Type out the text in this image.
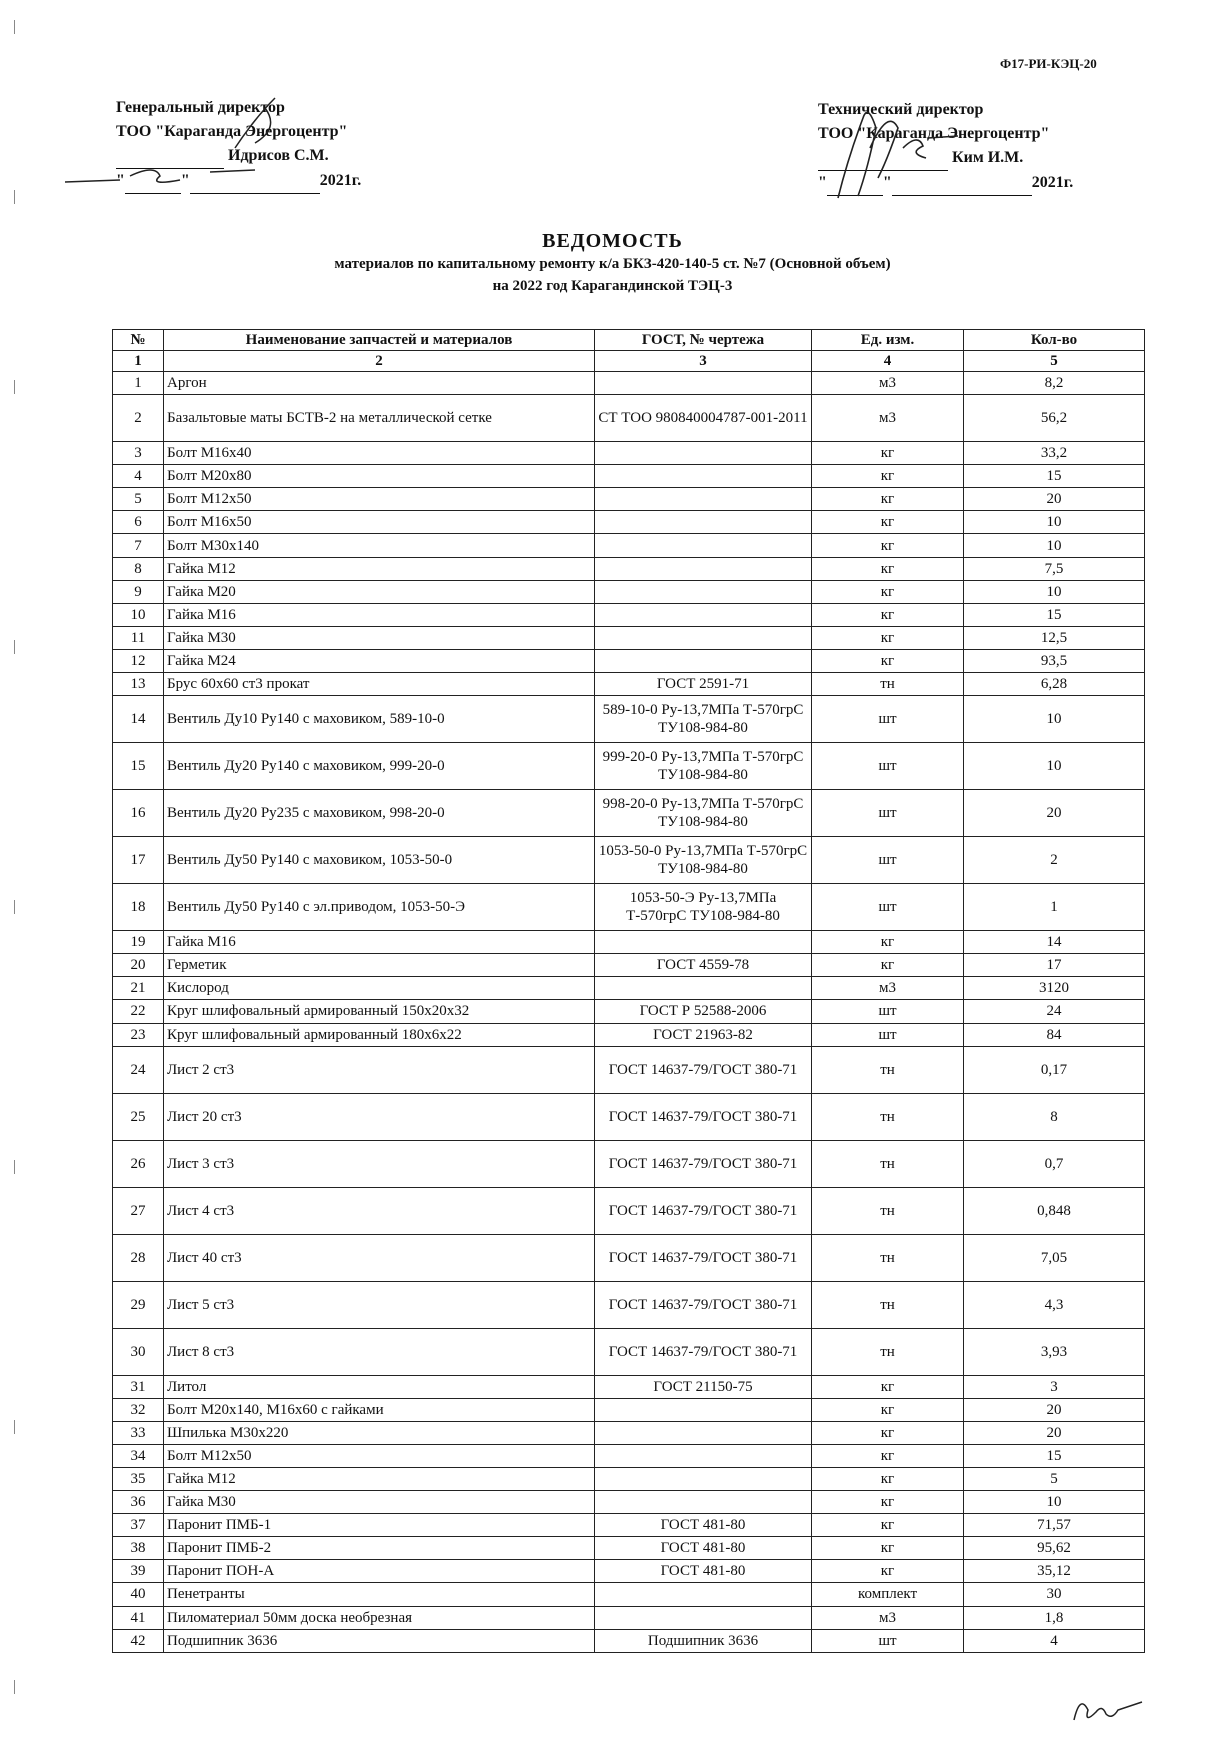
Ф17-РИ-КЭЦ-20
Генеральный директор
ТОО "Караганда Энергоцентр"
Идрисов С.М.
"	"	2021г.
Технический директор
ТОО "Караганда Энергоцентр"
Ким И.М.
"	"	2021г.
ВЕДОМОСТЬ
материалов по капитальному ремонту к/а БКЗ-420-140-5 ст. №7 (Основной объем)
на 2022 год Карагандинской ТЭЦ-3
№	Наименование запчастей и материалов	ГОСТ, № чертежа	Ед. изм.	Кол-во
1	2	3	4	5
1	Аргон		м3	8,2
2	Базальтовые маты БСТВ-2 на металлической сетке	СТ ТОО 980840004787-001-2011	м3	56,2
3	Болт М16х40		кг	33,2
4	Болт М20х80		кг	15
5	Болт М12х50		кг	20
6	Болт М16х50		кг	10
7	Болт М30х140		кг	10
8	Гайка М12		кг	7,5
9	Гайка М20		кг	10
10	Гайка М16		кг	15
11	Гайка М30		кг	12,5
12	Гайка М24		кг	93,5
13	Брус 60х60 ст3 прокат	ГОСТ 2591-71	тн	6,28
14	Вентиль Ду10 Ру140 с маховиком, 589-10-0	589-10-0 Ру-13,7МПа Т-570грС ТУ108-984-80	шт	10
15	Вентиль Ду20 Ру140 с маховиком, 999-20-0	999-20-0 Ру-13,7МПа Т-570грС ТУ108-984-80	шт	10
16	Вентиль Ду20 Ру235 с маховиком, 998-20-0	998-20-0 Ру-13,7МПа Т-570грС ТУ108-984-80	шт	20
17	Вентиль Ду50 Ру140 с маховиком, 1053-50-0	1053-50-0 Ру-13,7МПа Т-570грС ТУ108-984-80	шт	2
18	Вентиль Ду50 Ру140 с эл.приводом, 1053-50-Э	1053-50-Э Ру-13,7МПа Т-570грС ТУ108-984-80	шт	1
19	Гайка М16		кг	14
20	Герметик	ГОСТ 4559-78	кг	17
21	Кислород		м3	3120
22	Круг шлифовальный армированный 150х20х32	ГОСТ Р 52588-2006	шт	24
23	Круг шлифовальный армированный 180х6х22	ГОСТ 21963-82	шт	84
24	Лист 2 ст3	ГОСТ 14637-79/ГОСТ 380-71	тн	0,17
25	Лист 20 ст3	ГОСТ 14637-79/ГОСТ 380-71	тн	8
26	Лист 3 ст3	ГОСТ 14637-79/ГОСТ 380-71	тн	0,7
27	Лист 4 ст3	ГОСТ 14637-79/ГОСТ 380-71	тн	0,848
28	Лист 40 ст3	ГОСТ 14637-79/ГОСТ 380-71	тн	7,05
29	Лист 5 ст3	ГОСТ 14637-79/ГОСТ 380-71	тн	4,3
30	Лист 8 ст3	ГОСТ 14637-79/ГОСТ 380-71	тн	3,93
31	Литол	ГОСТ 21150-75	кг	3
32	Болт М20х140, М16х60 с гайками		кг	20
33	Шпилька М30х220		кг	20
34	Болт М12х50		кг	15
35	Гайка М12		кг	5
36	Гайка М30		кг	10
37	Паронит ПМБ-1	ГОСТ 481-80	кг	71,57
38	Паронит ПМБ-2	ГОСТ 481-80	кг	95,62
39	Паронит ПОН-А	ГОСТ 481-80	кг	35,12
40	Пенетранты		комплект	30
41	Пиломатериал 50мм доска необрезная		м3	1,8
42	Подшипник 3636	Подшипник 3636	шт	4
